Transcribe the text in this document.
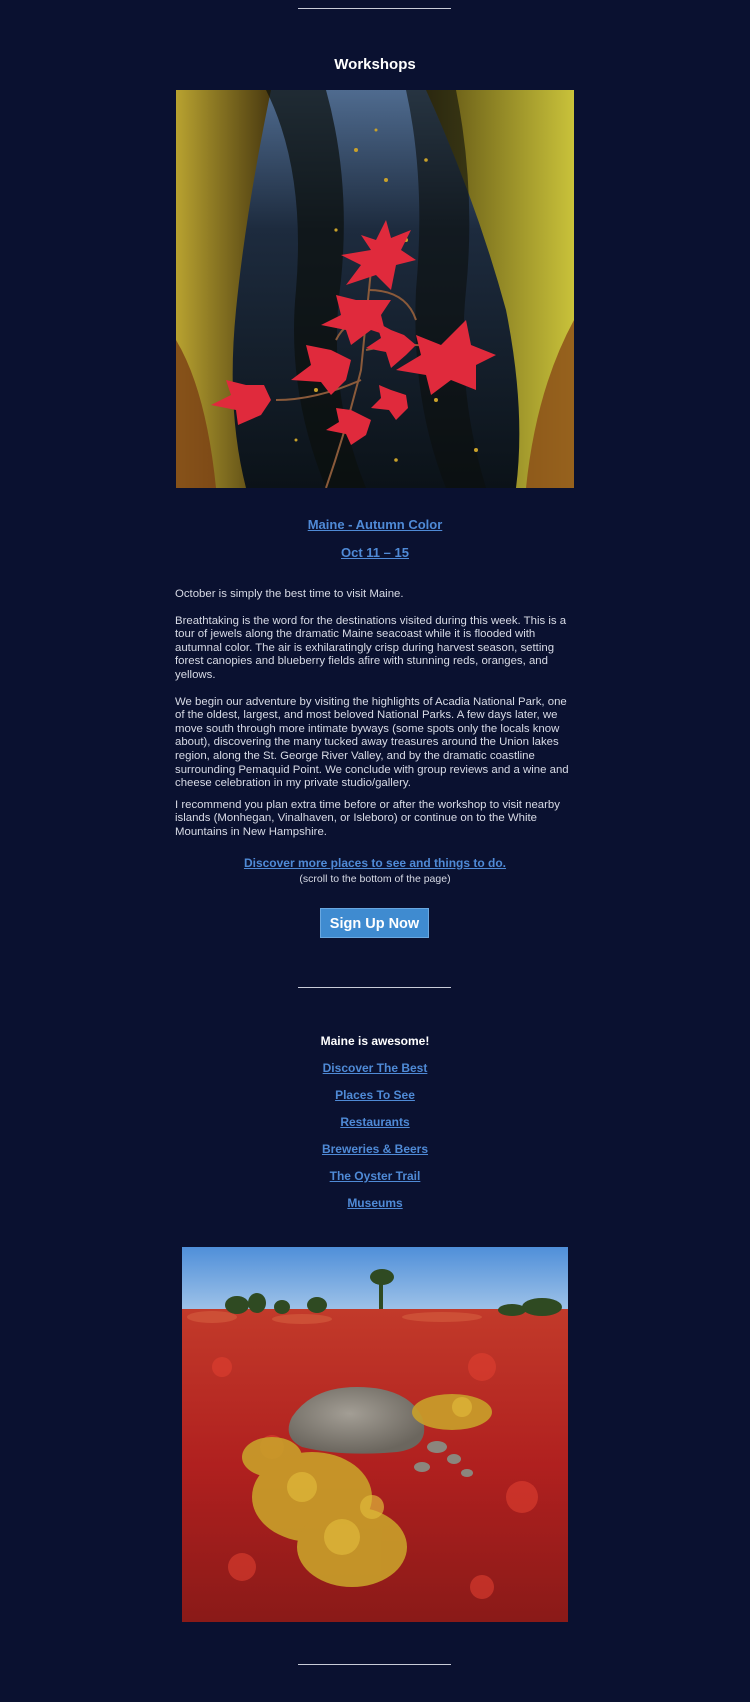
Workshops
Maine - Autumn Color
Oct 11 – 15

October is simply the best time to visit Maine.

Breathtaking is the word for the destinations visited during this week. This is a tour of jewels along the dramatic Maine seacoast while it is flooded with autumnal color. The air is exhilaratingly crisp during harvest season, setting forest canopies and blueberry fields afire with stunning reds, oranges, and yellows.

We begin our adventure by visiting the highlights of Acadia National Park, one of the oldest, largest, and most beloved National Parks. A few days later, we move south through more intimate byways (some spots only the locals know about), discovering the many tucked away treasures around the Union lakes region, along the St. George River Valley, and by the dramatic coastline surrounding Pemaquid Point. We conclude with group reviews and a wine and cheese celebration in my private studio/gallery.

I recommend you plan extra time before or after the workshop to visit nearby islands (Monhegan, Vinalhaven, or Isleboro) or continue on to the White Mountains in New Hampshire.

Discover more places to see and things to do.
(scroll to the bottom of the page)
Sign Up Now
Maine is awesome!
Discover The Best
Places To See
Restaurants
Breweries & Beers
The Oyster Trail
Museums
